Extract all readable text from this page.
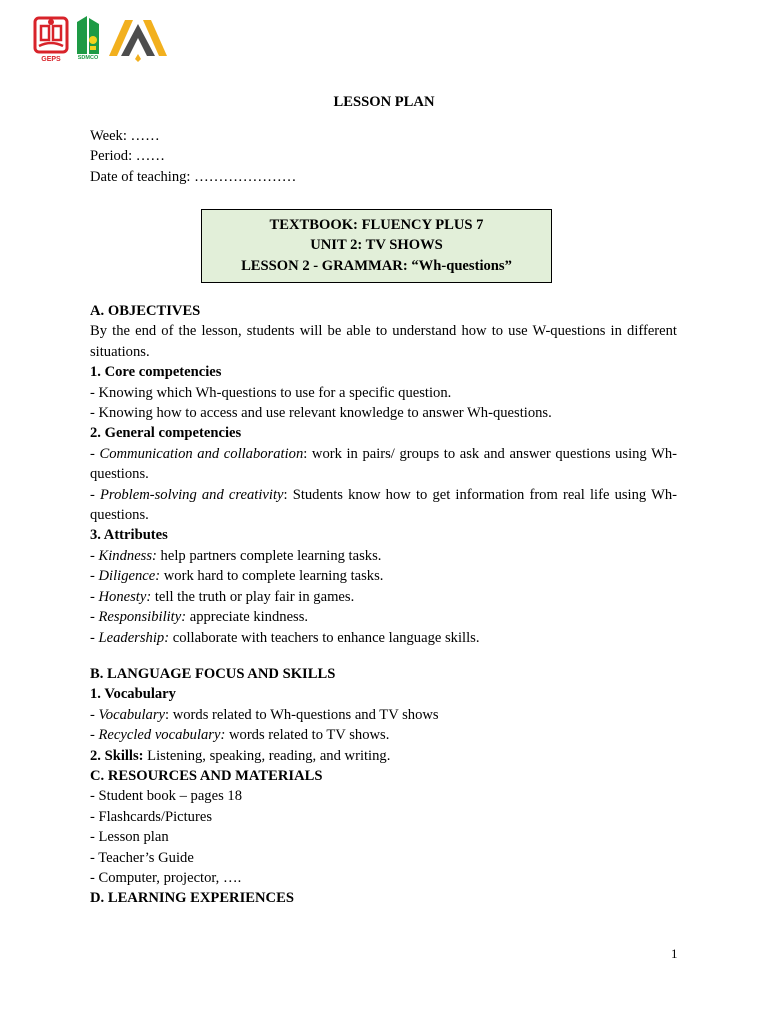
GEPS	SDMCO
LESSON PLAN
Week: ……
Period: ……
Date of teaching: …………………
TEXTBOOK: FLUENCY PLUS 7
UNIT 2: TV SHOWS
LESSON 2 - GRAMMAR: “Wh-questions”

A. OBJECTIVES

By the end of the lesson, students will be able to understand how to use W-questions in different situations.

1. Core competencies

- Knowing which Wh-questions to use for a specific question.

- Knowing how to access and use relevant knowledge to answer Wh-questions.

2. General competencies

- Communication and collaboration: work in pairs/ groups to ask and answer questions using Wh-questions.

- Problem-solving and creativity: Students know how to get information from real life using Wh-questions.

3. Attributes

- Kindness: help partners complete learning tasks.

- Diligence: work hard to complete learning tasks.

- Honesty: tell the truth or play fair in games.

- Responsibility: appreciate kindness.

- Leadership: collaborate with teachers to enhance language skills.

B. LANGUAGE FOCUS AND SKILLS

1. Vocabulary

- Vocabulary: words related to Wh-questions and TV shows

- Recycled vocabulary: words related to TV shows.

2. Skills: Listening, speaking, reading, and writing.

C. RESOURCES AND MATERIALS

- Student book – pages 18

- Flashcards/Pictures

- Lesson plan

- Teacher’s Guide

- Computer, projector, ….

D. LEARNING EXPERIENCES

1
